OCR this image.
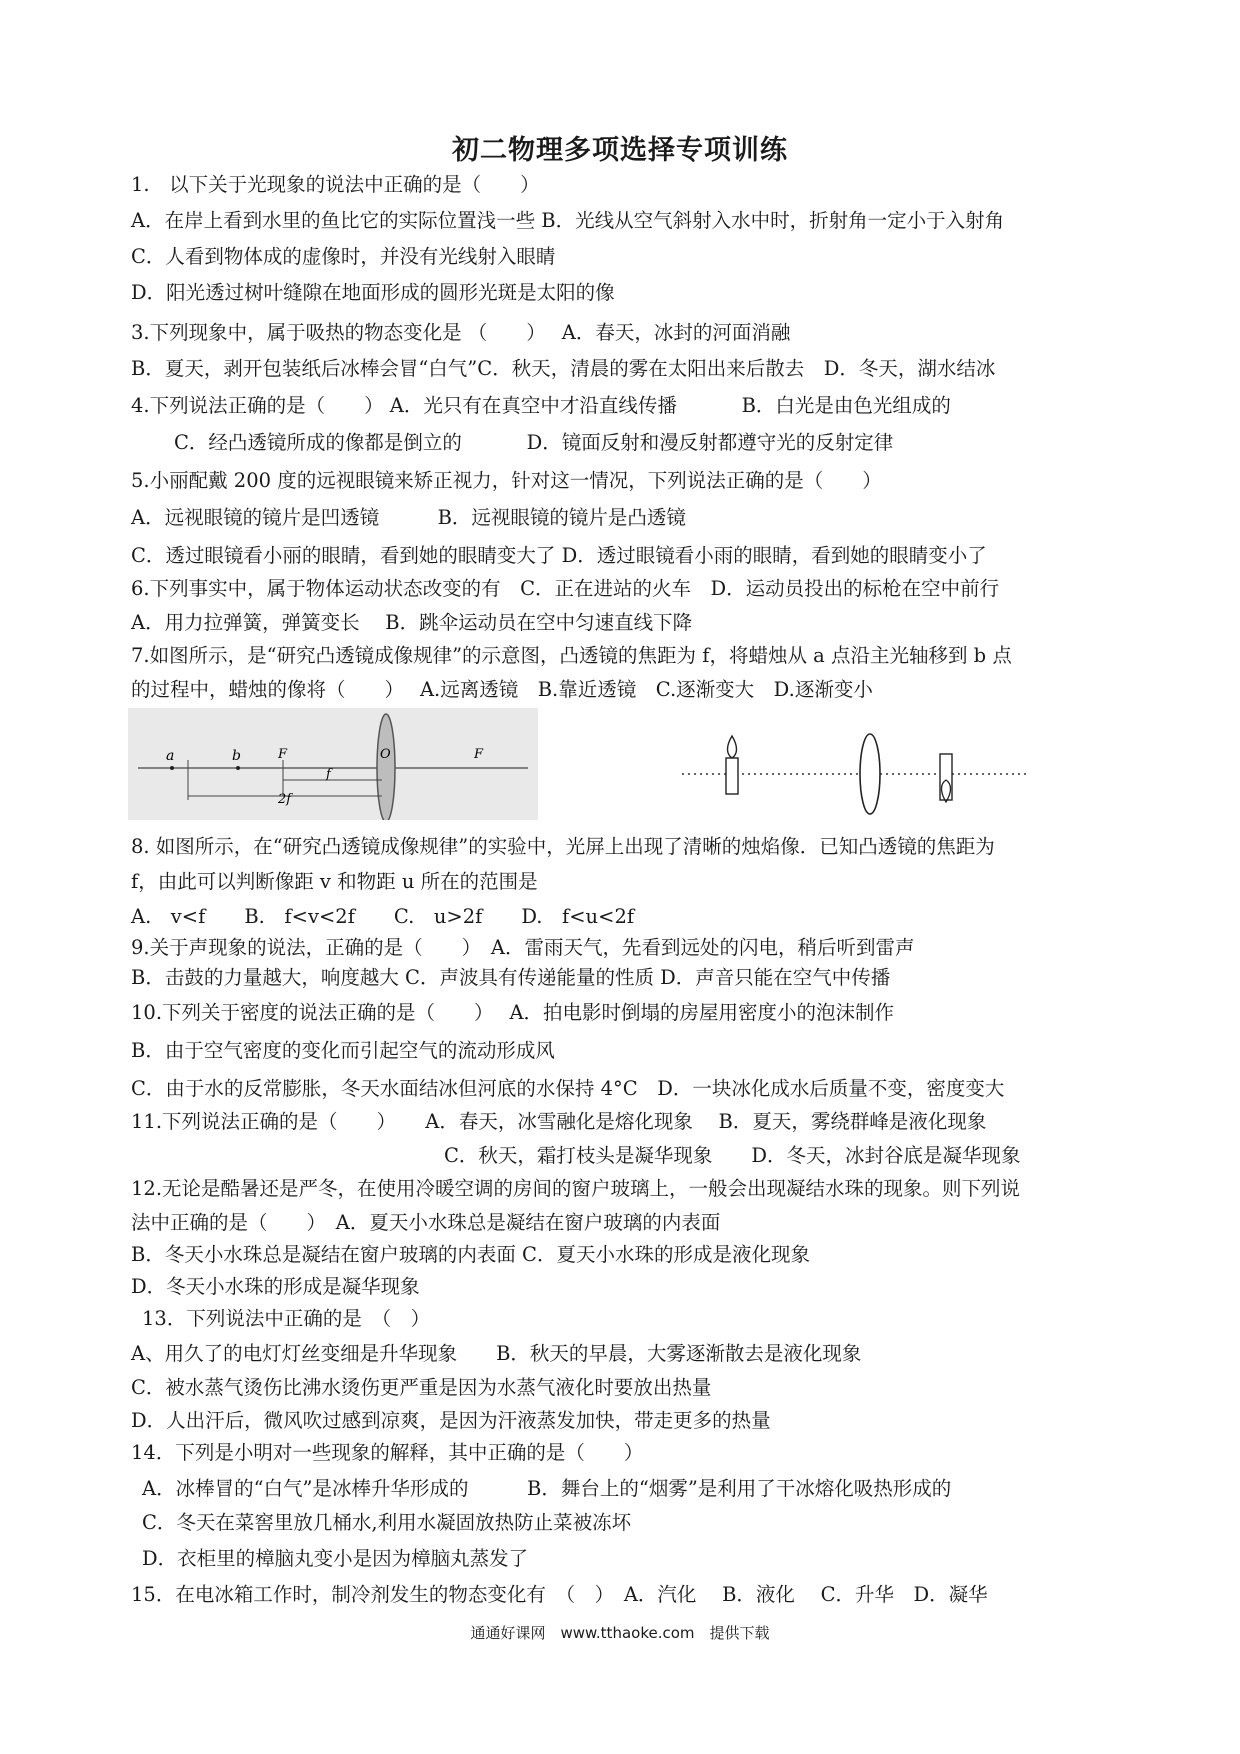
初二物理多项选择专项训练
1.　以下关于光现象的说法中正确的是（　　）
A．在岸上看到水里的鱼比它的实际位置浅一些 B．光线从空气斜射入水中时，折射角一定小于入射角
C．人看到物体成的虚像时，并没有光线射入眼睛
D．阳光透过树叶缝隙在地面形成的圆形光斑是太阳的像
3.下列现象中，属于吸热的物态变化是 （　　）　 A．春天，冰封的河面消融
B．夏天，剥开包装纸后冰棒会冒“白气”C．秋天，清晨的雾在太阳出来后散去　D．冬天，湖水结冰
4.下列说法正确的是（　　） A．光只有在真空中才沿直线传播　　　 B．白光是由色光组成的
C．经凸透镜所成的像都是倒立的　　　 D．镜面反射和漫反射都遵守光的反射定律
5.小丽配戴 200 度的远视眼镜来矫正视力，针对这一情况，下列说法正确的是（　　）
A．远视眼镜的镜片是凹透镜　　　B．远视眼镜的镜片是凸透镜
C．透过眼镜看小丽的眼睛，看到她的眼睛变大了 D．透过眼镜看小雨的眼睛，看到她的眼睛变小了
6.下列事实中，属于物体运动状态改变的有　C．正在进站的火车　D．运动员投出的标枪在空中前行
A．用力拉弹簧，弹簧变长　 B．跳伞运动员在空中匀速直线下降
7.如图所示，是“研究凸透镜成像规律”的示意图，凸透镜的焦距为 f，将蜡烛从 a 点沿主光轴移到 b 点
的过程中，蜡烛的像将（　　）　 A.远离透镜　B.靠近透镜　C.逐渐变大　D.逐渐变小
a	b	F	O	F
f
2f
8. 如图所示，在“研究凸透镜成像规律”的实验中，光屏上出现了清晰的烛焰像．已知凸透镜的焦距为
f，由此可以判断像距 v 和物距 u 所在的范围是
A.　v<f　　B.　f<v<2f　　C.　u>2f　　D.　f<u<2f
9.关于声现象的说法，正确的是（　　）　A．雷雨天气，先看到远处的闪电，稍后听到雷声
B．击鼓的力量越大，响度越大 C．声波具有传递能量的性质 D．声音只能在空气中传播
10.下列关于密度的说法正确的是（　　）　 A．拍电影时倒塌的房屋用密度小的泡沫制作
B．由于空气密度的变化而引起空气的流动形成风
C．由于水的反常膨胀，冬天水面结冰但河底的水保持 4°C　D．一块冰化成水后质量不变，密度变大
11.下列说法正确的是（　　）　　A．春天，冰雪融化是熔化现象　 B．夏天，雾绕群峰是液化现象
C．秋天，霜打枝头是凝华现象　　D．冬天，冰封谷底是凝华现象
12.无论是酷暑还是严冬，在使用冷暖空调的房间的窗户玻璃上，一般会出现凝结水珠的现象。则下列说
法中正确的是（　　）　A．夏天小水珠总是凝结在窗户玻璃的内表面
B．冬天小水珠总是凝结在窗户玻璃的内表面 C．夏天小水珠的形成是液化现象
D．冬天小水珠的形成是凝华现象
13．下列说法中正确的是　（　）
A、用久了的电灯灯丝变细是升华现象　　B．秋天的早晨，大雾逐渐散去是液化现象
C．被水蒸气烫伤比沸水烫伤更严重是因为水蒸气液化时要放出热量
D．人出汗后，微风吹过感到凉爽，是因为汗液蒸发加快，带走更多的热量
14．下列是小明对一些现象的解释，其中正确的是（　　）
A．冰棒冒的“白气”是冰棒升华形成的　　　B．舞台上的“烟雾”是利用了干冰熔化吸热形成的
C．冬天在菜窖里放几桶水,利用水凝固放热防止菜被冻坏
D．衣柜里的樟脑丸变小是因为樟脑丸蒸发了
15．在电冰箱工作时，制冷剂发生的物态变化有　（　）　A．汽化　 B．液化　 C．升华　D．凝华
通通好课网　www.tthaoke.com　提供下载
